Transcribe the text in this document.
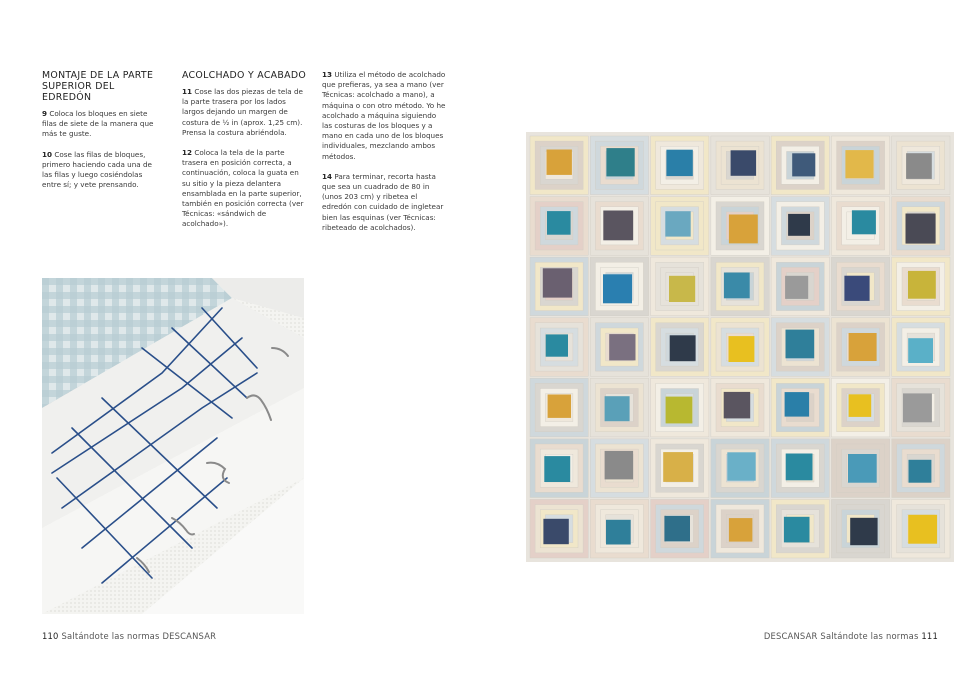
MONTAJE DE LA PARTE SUPERIOR DEL EDREDÓN

9 Coloca los bloques en siete filas de siete de la manera que más te guste.

10 Cose las filas de bloques, primero haciendo cada una de las filas y luego cosiéndolas entre sí; y vete prensando.

ACOLCHADO Y ACABADO

11 Cose las dos piezas de tela de la parte trasera por los lados largos dejando un margen de costura de ½ in (aprox. 1,25 cm). Prensa la costura abriéndola.

12 Coloca la tela de la parte trasera en posición correcta, a continuación, coloca la guata en su sitio y la pieza delantera ensamblada en la parte superior, también en posición correcta (ver Técnicas: «sándwich de acolchado»).

13 Utiliza el método de acolchado que prefieras, ya sea a mano (ver Técnicas: acolchado a mano), a máquina o con otro método. Yo he acolchado a máquina siguiendo las costuras de los bloques y a mano en cada uno de los bloques individuales, mezclando ambos métodos.

14 Para terminar, recorta hasta que sea un cuadrado de 80 in (unos 203 cm) y ribetea el edredón con cuidado de ingletear bien las esquinas (ver Técnicas: ribeteado de acolchados).

110 Saltándote las normas DESCANSAR	DESCANSAR Saltándote las normas 111
